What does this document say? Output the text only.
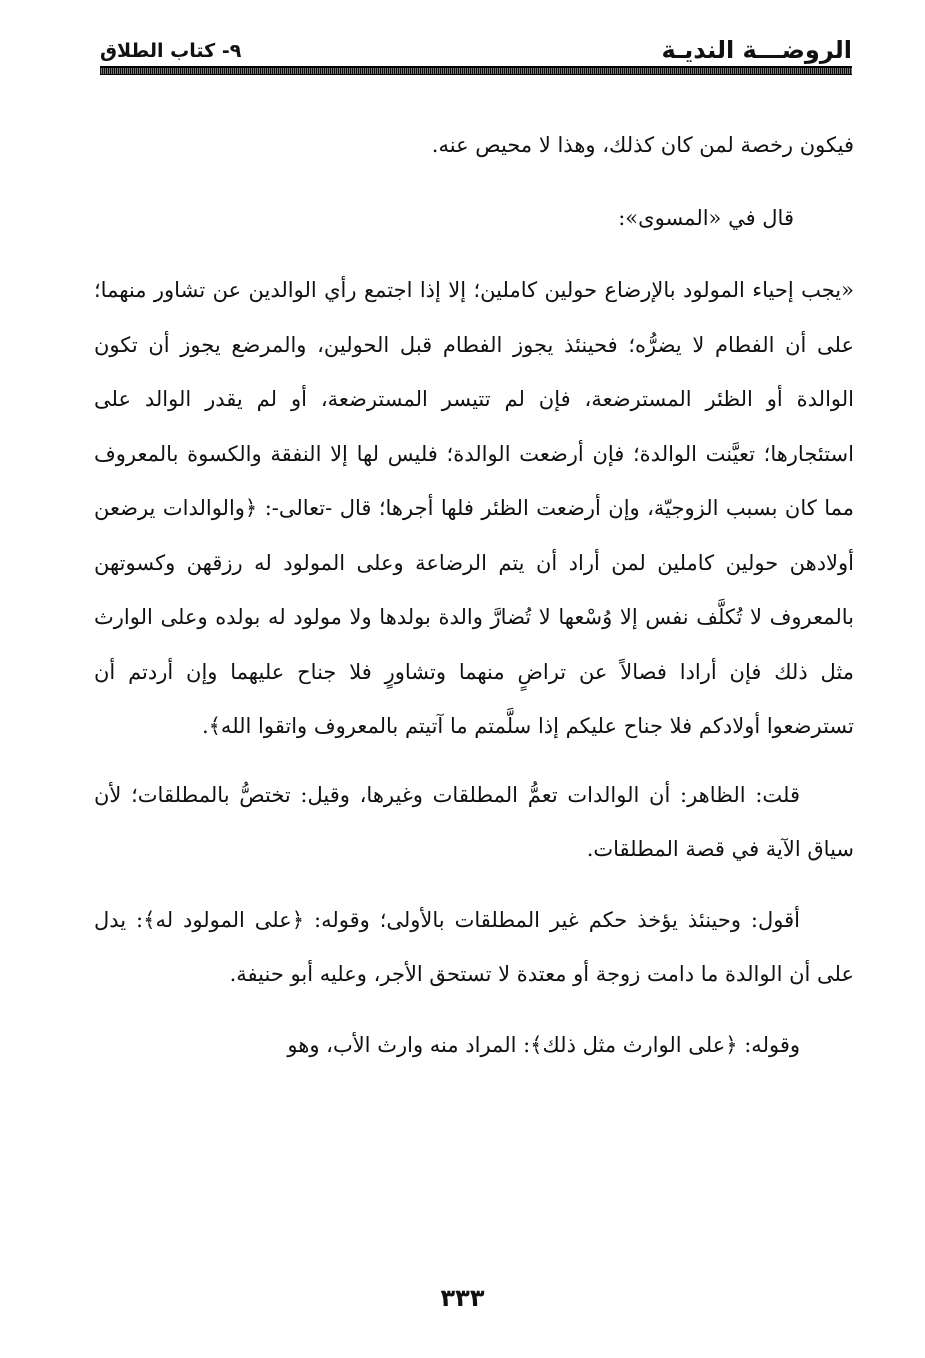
الروضـــة النديـة
٩- كتاب الطلاق

فيكون رخصة لمن كان كذلك، وهذا لا محيص عنه.

قال في «المسوى»:

«يجب إحياء المولود بالإرضاع حولين كاملين؛ إلا إذا اجتمع رأي الوالدين عن تشاور منهما؛ على أن الفطام لا يضرُّه؛ فحينئذ يجوز الفطام قبل الحولين، والمرضع يجوز أن تكون الوالدة أو الظئر المسترضعة، فإن لم تتيسر المسترضعة، أو لم يقدر الوالد على استئجارها؛ تعيَّنت الوالدة؛ فإن أرضعت الوالدة؛ فليس لها إلا النفقة والكسوة بالمعروف مما كان بسبب الزوجيّة، وإن أرضعت الظئر فلها أجرها؛ قال -تعالى-: ﴿والوالدات يرضعن أولادهن حولين كاملين لمن أراد أن يتم الرضاعة وعلى المولود له رزقهن وكسوتهن بالمعروف لا تُكلَّف نفس إلا وُسْعها لا تُضارَّ والدة بولدها ولا مولود له بولده وعلى الوارث مثل ذلك فإن أرادا فصالاً عن تراضٍ منهما وتشاورٍ فلا جناح عليهما وإن أردتم أن تسترضعوا أولادكم فلا جناح عليكم إذا سلَّمتم ما آتيتم بالمعروف واتقوا الله﴾.

قلت: الظاهر: أن الوالدات تعمُّ المطلقات وغيرها، وقيل: تختصُّ بالمطلقات؛ لأن سياق الآية في قصة المطلقات.

أقول: وحينئذ يؤخذ حكم غير المطلقات بالأولى؛ وقوله: ﴿على المولود له﴾: يدل على أن الوالدة ما دامت زوجة أو معتدة لا تستحق الأجر، وعليه أبو حنيفة.

وقوله: ﴿على الوارث مثل ذلك﴾: المراد منه وارث الأب، وهو

٣٣٣
